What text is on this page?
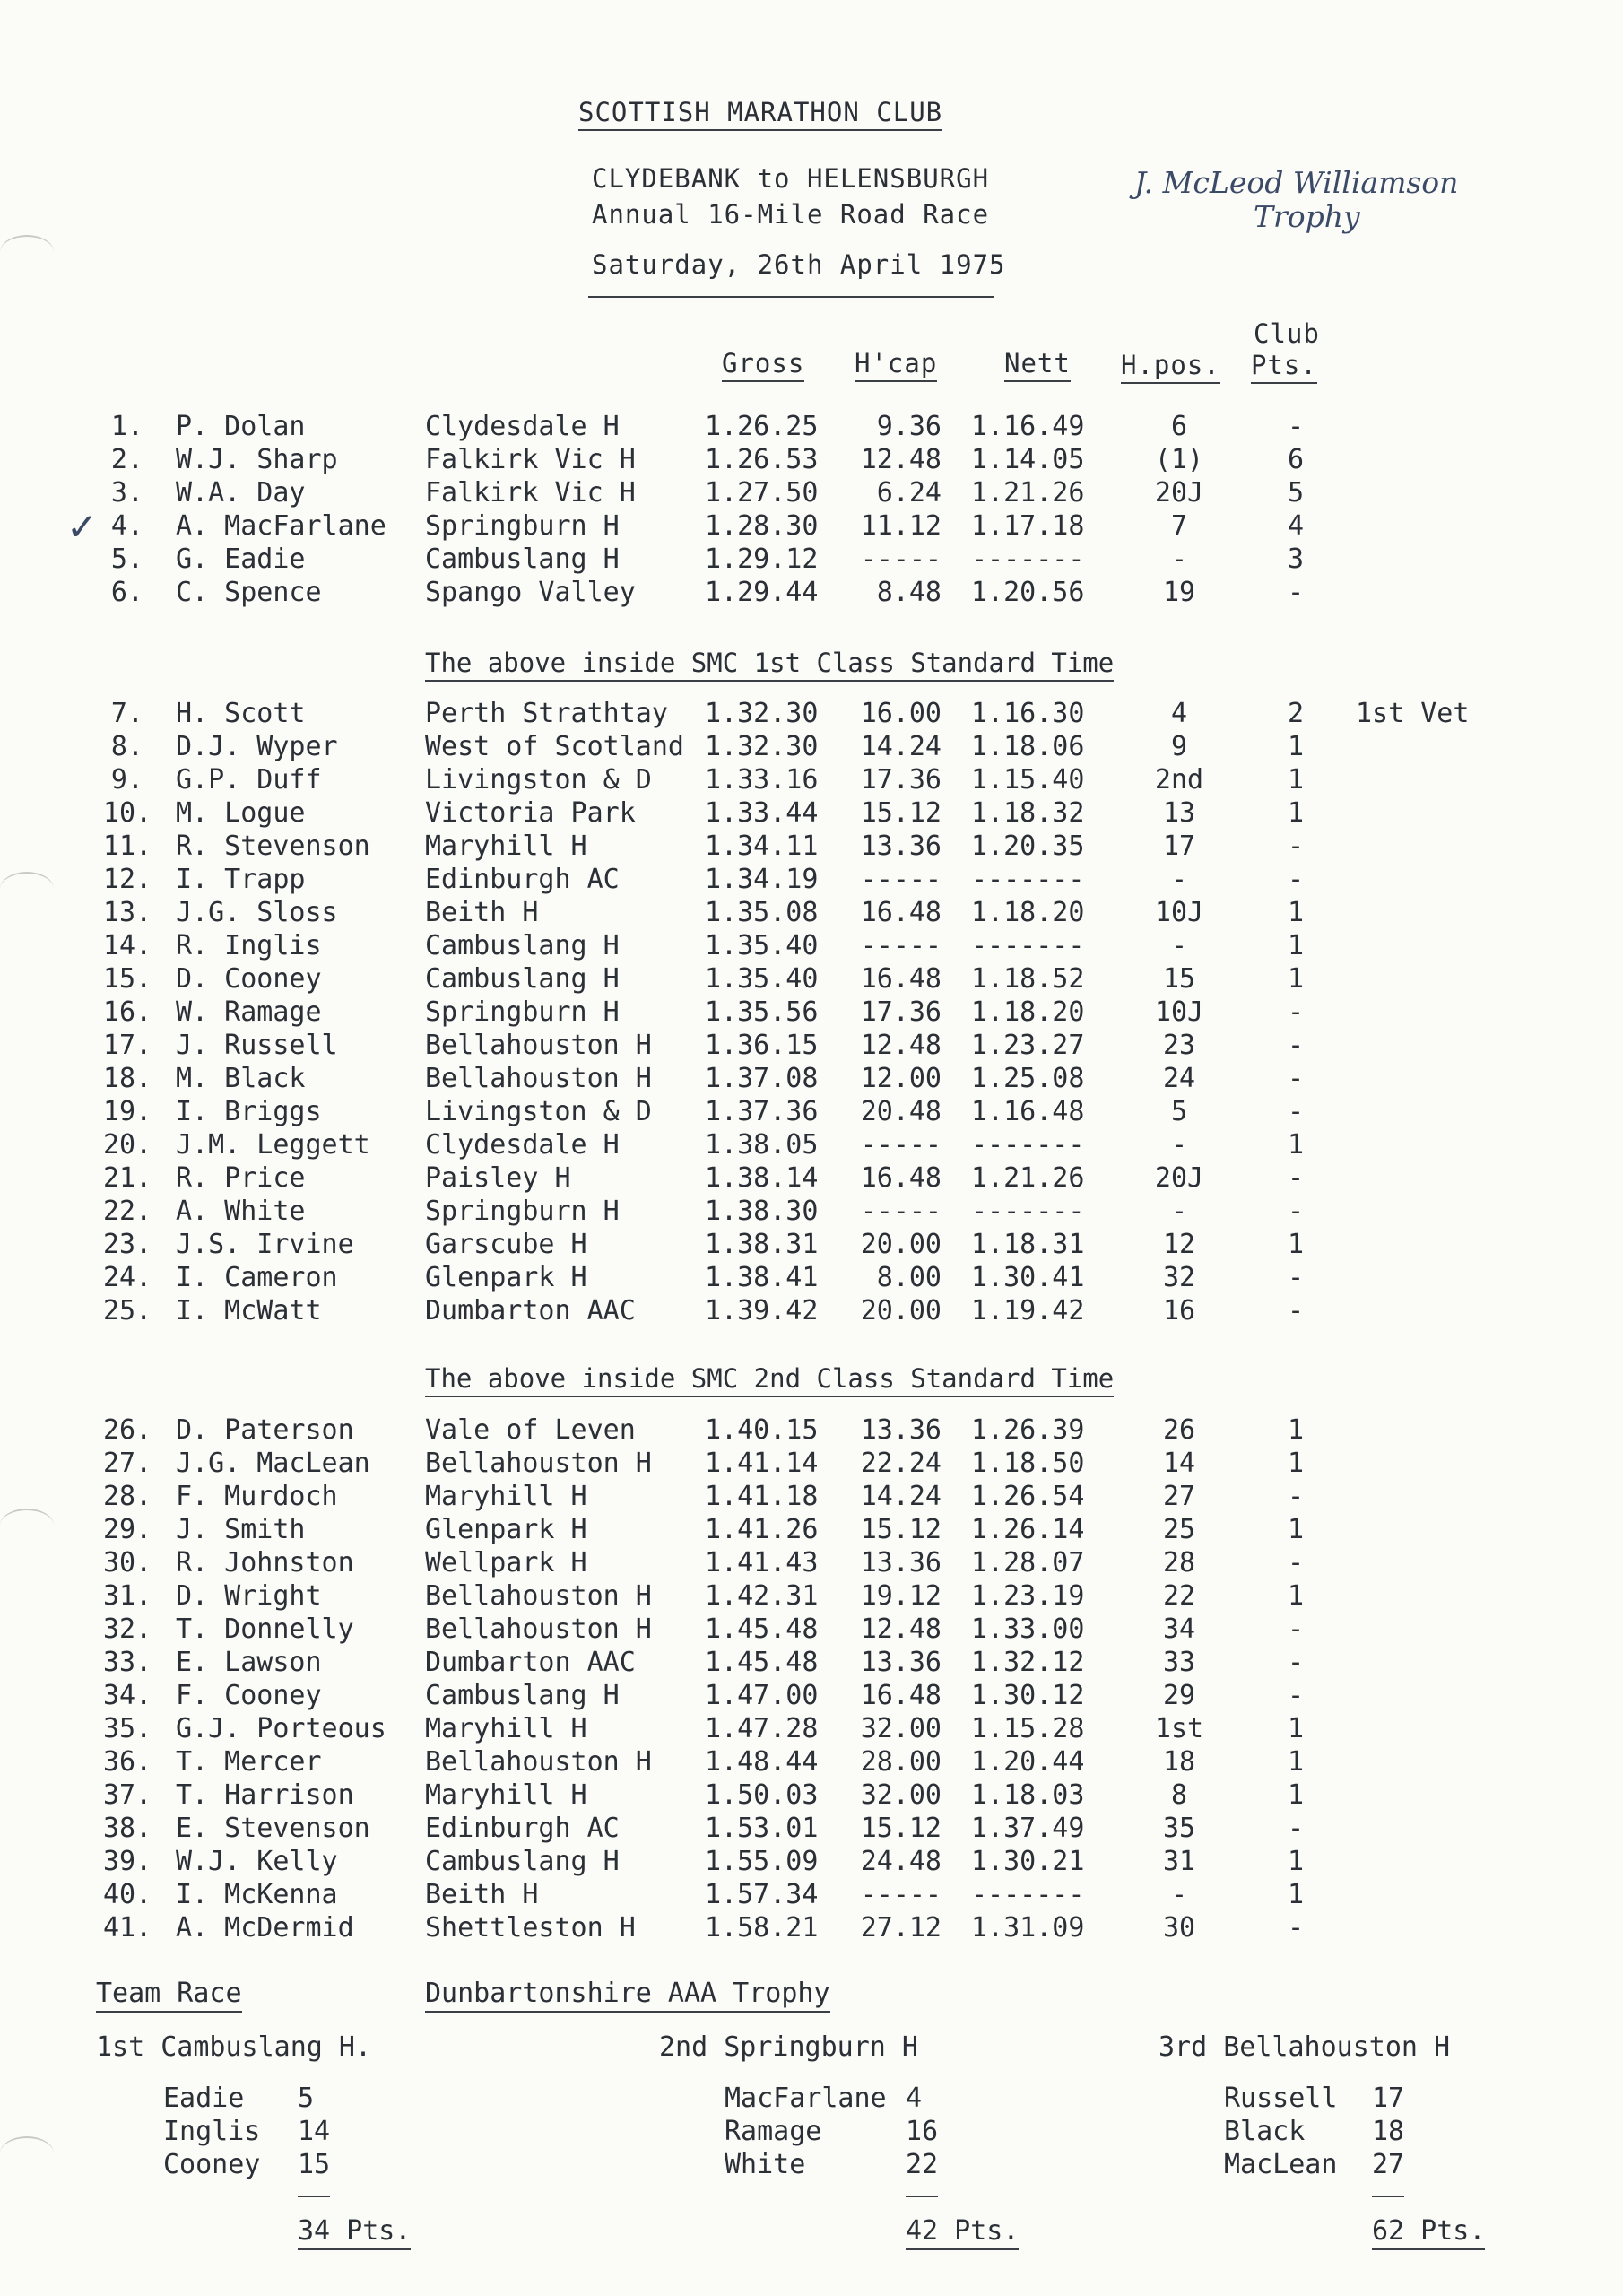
SCOTTISH MARATHON CLUB
CLYDEBANK to HELENSBURGH
Annual 16-Mile Road Race
Saturday, 26th April 1975
J. McLeod Williamson
Trophy
Gross H'cap	Nett H.pos.
Club
Pts.
1. P. Dolan	Clydesdale H	1.26.25	9.36 1.16.49	6	-
2. W.J. Sharp	Falkirk Vic H	1.26.53	12.48 1.14.05	(1)	6
3. W.A. Day	Falkirk Vic H	1.27.50	6.24 1.21.26	20J	5
4. A. MacFarlane Springburn H	1.28.30	11.12 1.17.18	7	4
5. G. Eadie	Cambuslang H	1.29.12	----- -------	-	3
6. C. Spence	Spango Valley	1.29.44	8.48 1.20.56	19	-
The above inside SMC 1st Class Standard Time
7. H. Scott	Perth Strathtay 1.32.30	16.00 1.16.30	4	2	1st Vet
8. D.J. Wyper	West of Scotland 1.32.30	14.24 1.18.06	9	1
9. G.P. Duff	Livingston & D 1.33.16	17.36 1.15.40	2nd	1
10. M. Logue	Victoria Park	1.33.44	15.12 1.18.32	13	1
11. R. Stevenson Maryhill H	1.34.11	13.36 1.20.35	17	-
12. I. Trapp	Edinburgh AC	1.34.19	----- -------	-	-
13. J.G. Sloss	Beith H	1.35.08	16.48 1.18.20	10J	1
14. R. Inglis	Cambuslang H	1.35.40	----- -------	-	1
15. D. Cooney	Cambuslang H	1.35.40	16.48 1.18.52	15	1
16. W. Ramage	Springburn H	1.35.56	17.36 1.18.20	10J	-
17. J. Russell	Bellahouston H 1.36.15	12.48 1.23.27	23	-
18. M. Black	Bellahouston H 1.37.08	12.00 1.25.08	24	-
19. I. Briggs	Livingston & D 1.37.36	20.48 1.16.48	5	-
20. J.M. Leggett Clydesdale H	1.38.05	----- -------	-	1
21. R. Price	Paisley H	1.38.14	16.48 1.21.26	20J	-
22. A. White	Springburn H	1.38.30	----- -------	-	-
23. J.S. Irvine	Garscube H	1.38.31	20.00 1.18.31	12	1
24. I. Cameron	Glenpark H	1.38.41	8.00 1.30.41	32	-
25. I. McWatt	Dumbarton AAC	1.39.42	20.00 1.19.42	16	-
The above inside SMC 2nd Class Standard Time
26. D. Paterson	Vale of Leven	1.40.15	13.36 1.26.39	26	1
27. J.G. MacLean Bellahouston H 1.41.14	22.24 1.18.50	14	1
28. F. Murdoch	Maryhill H	1.41.18	14.24 1.26.54	27	-
29. J. Smith	Glenpark H	1.41.26	15.12 1.26.14	25	1
30. R. Johnston	Wellpark H	1.41.43	13.36 1.28.07	28	-
31. D. Wright	Bellahouston H 1.42.31	19.12 1.23.19	22	1
32. T. Donnelly	Bellahouston H 1.45.48	12.48 1.33.00	34	-
33. E. Lawson	Dumbarton AAC	1.45.48	13.36 1.32.12	33	-
34. F. Cooney	Cambuslang H	1.47.00	16.48 1.30.12	29	-
35. G.J. Porteous Maryhill H	1.47.28	32.00 1.15.28	1st	1
36. T. Mercer	Bellahouston H 1.48.44	28.00 1.20.44	18	1
37. T. Harrison	Maryhill H	1.50.03	32.00 1.18.03	8	1
38. E. Stevenson Edinburgh AC	1.53.01	15.12 1.37.49	35	-
39. W.J. Kelly	Cambuslang H	1.55.09	24.48 1.30.21	31	1
40. I. McKenna	Beith H	1.57.34	----- -------	-	1
41. A. McDermid	Shettleston H	1.58.21	27.12 1.31.09	30	-
✓
Team Race	Dunbartonshire AAA Trophy
1st Cambuslang H.
Eadie 5
Inglis 14
Cooney 15
34 Pts.
2nd Springburn H
MacFarlane 4
Ramage	16
White	22
42 Pts.
3rd Bellahouston H
Russell 17
Black 18
MacLean 27
62 Pts.
